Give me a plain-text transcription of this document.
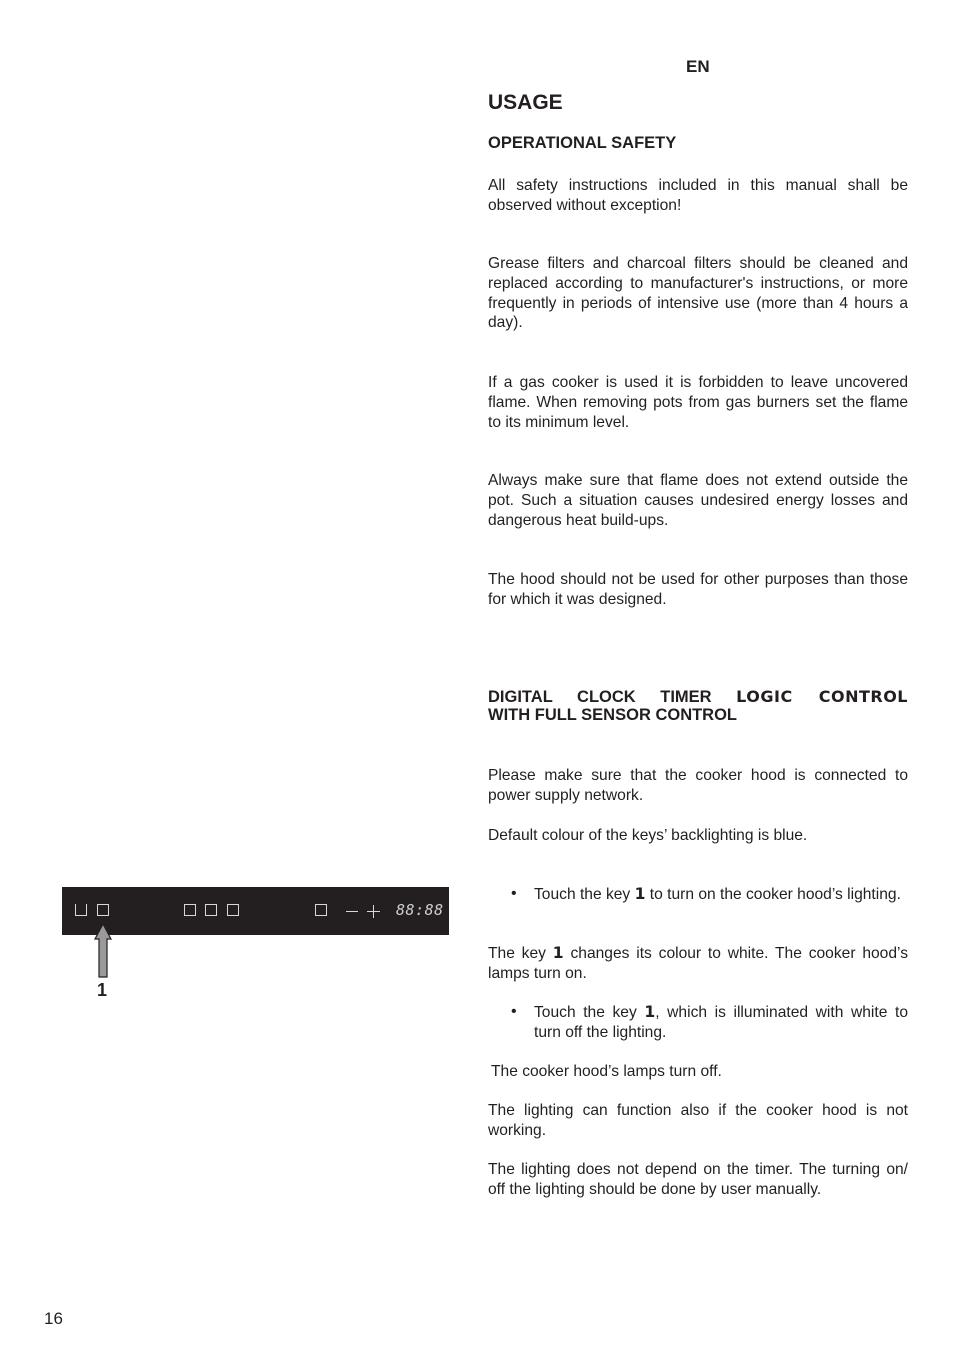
EN
USAGE
OPERATIONAL SAFETY
All safety instructions included in this manual shall be observed without exception!
Grease filters and charcoal filters should be cleaned and replaced according to manufacturer's instructions, or more frequently in periods of intensive use (more than 4 hours a day).
If a gas cooker is used it is forbidden to leave uncovered flame. When removing pots from gas burners set the flame to its minimum level.
Always make sure that flame does not extend outside the pot. Such a situation causes undesired energy losses and dangerous heat build-ups.
The hood should not be used for other purposes than those for which it was designed.
DIGITAL CLOCK TIMER LOGIC CONTROL
WITH FULL SENSOR CONTROL
Please make sure that the cooker hood is connected to power supply network.
Default colour of the keys’ backlighting is blue.
• Touch the key 1 to turn on the cooker hood’s lighting.
The key 1 changes its colour to white. The cooker hood’s lamps turn on.
• Touch the key 1, which is illuminated with white to turn off the lighting.
The cooker hood’s lamps turn off.
The lighting can function also if the cooker hood is not working.
The lighting does not depend on the timer. The turning on/ off the lighting should be done by user manually.
88:88
1
16
